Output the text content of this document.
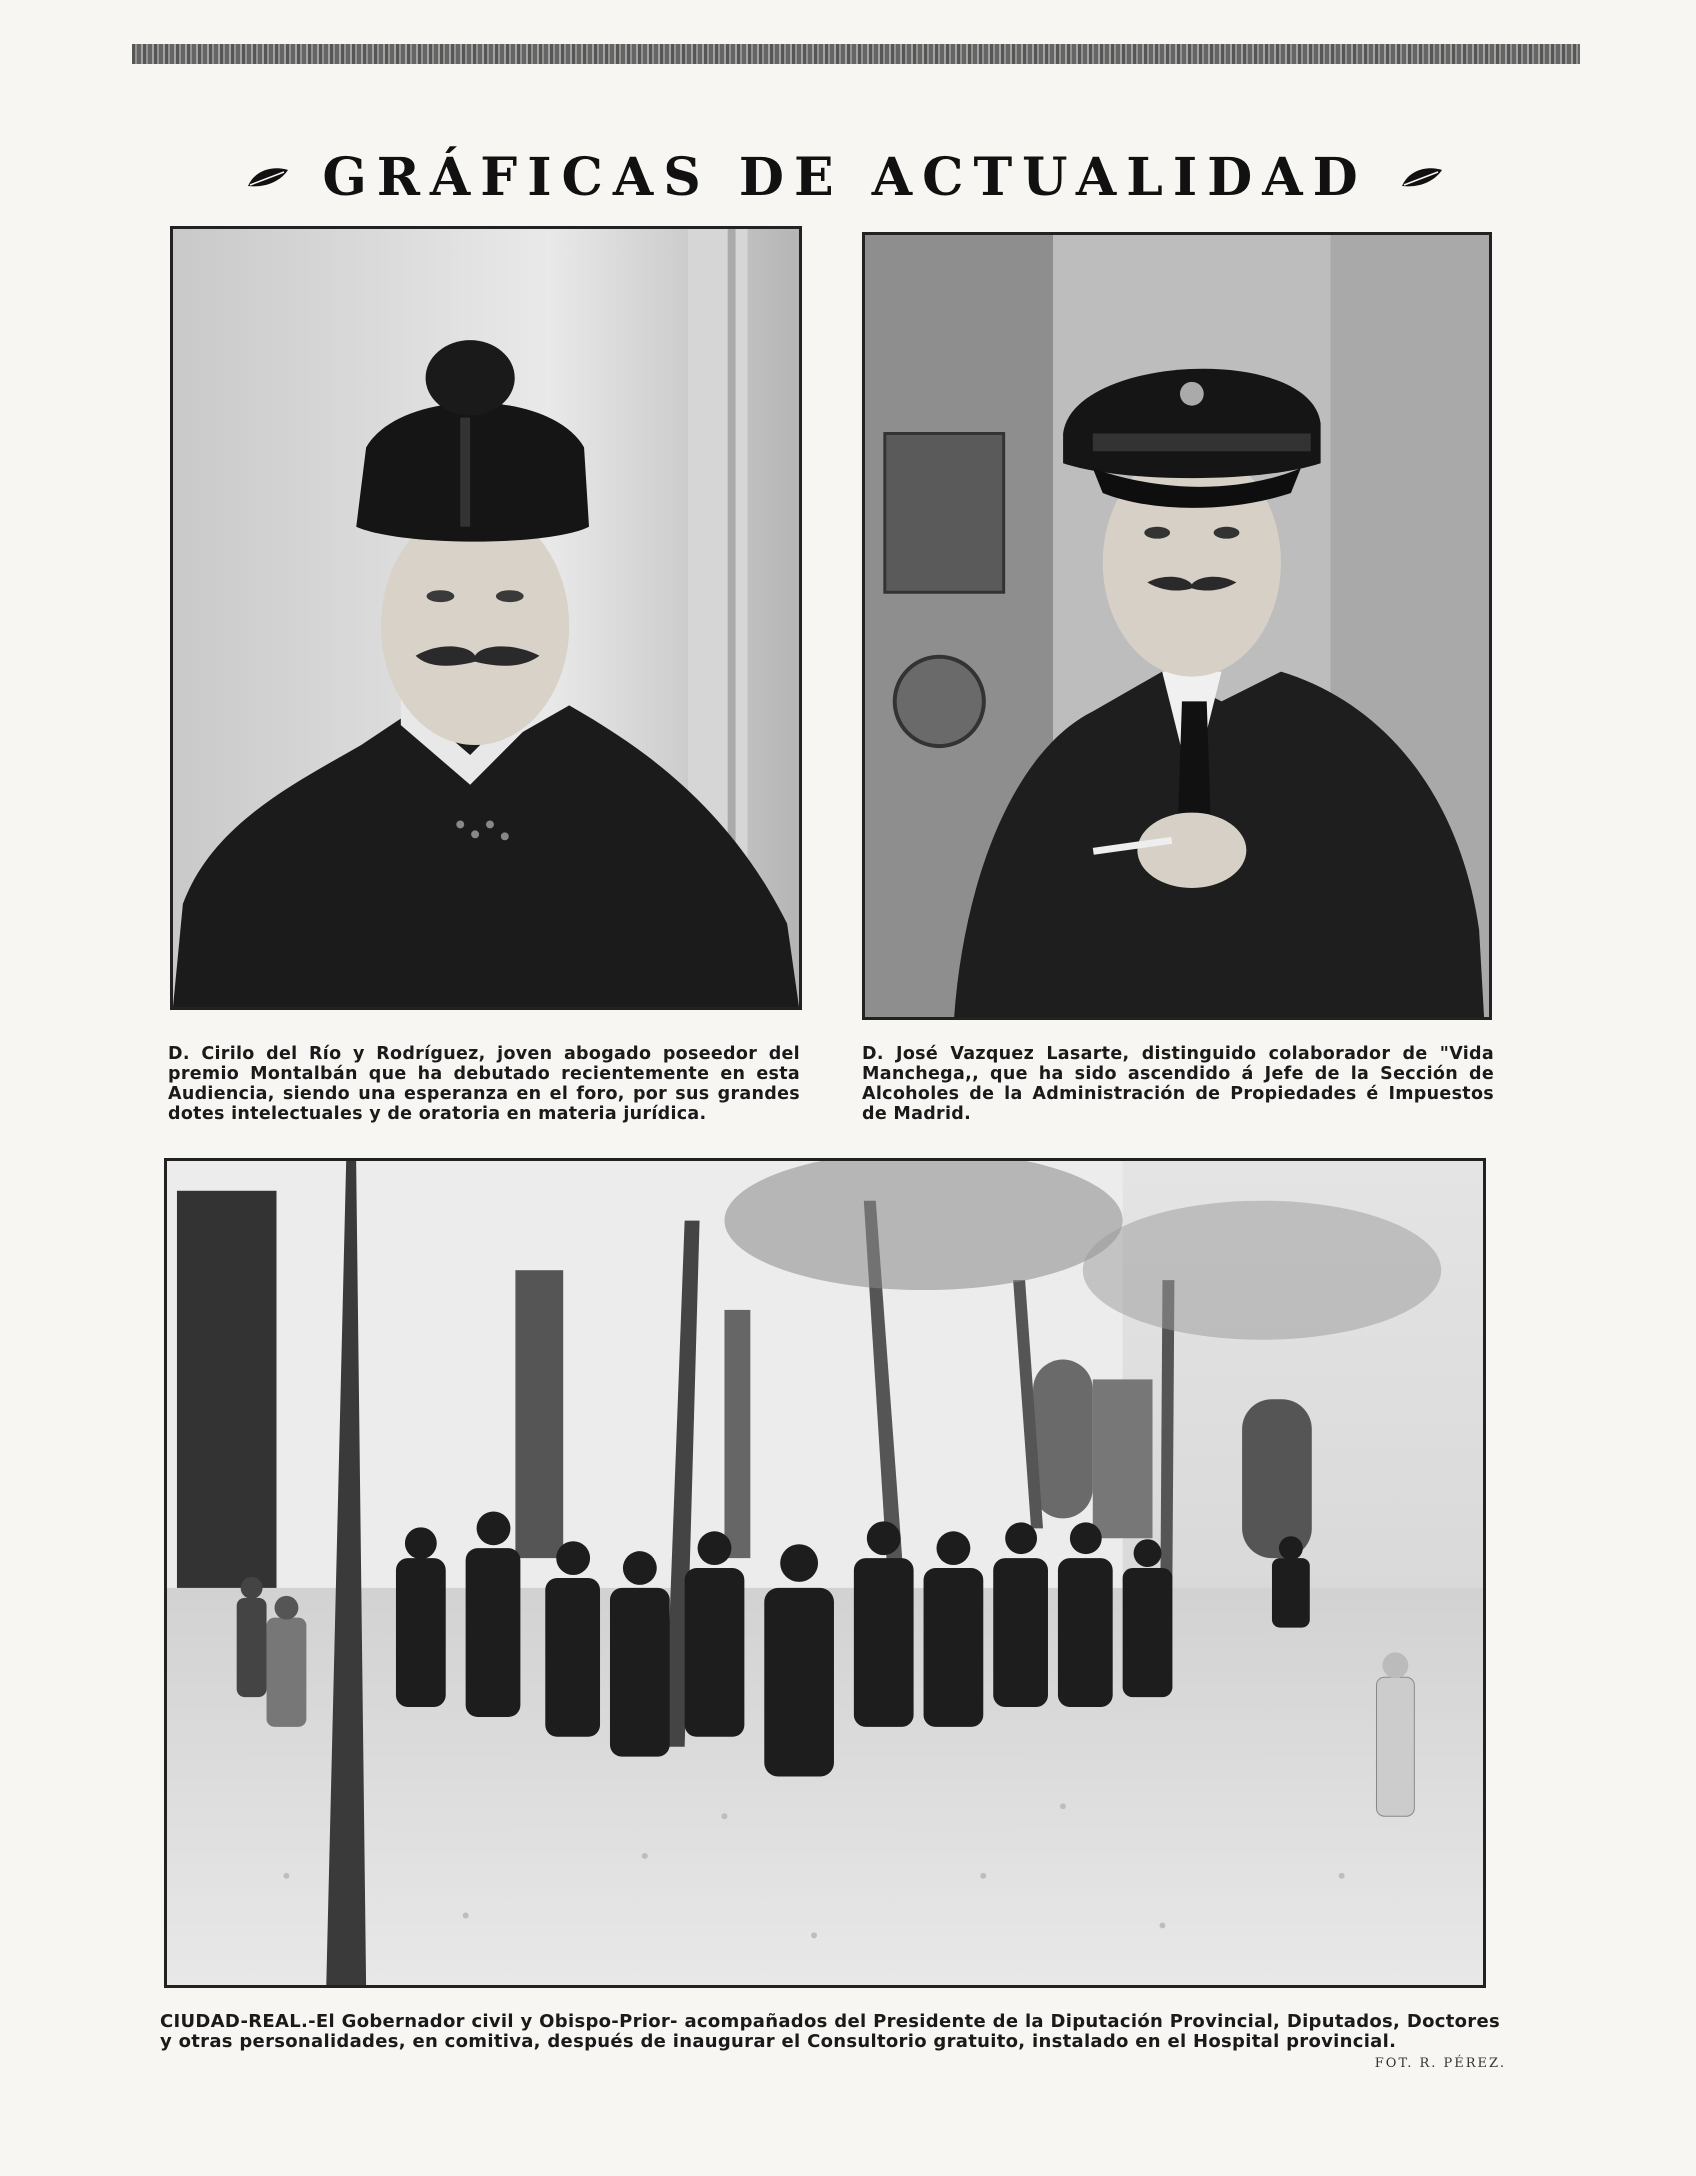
GRÁFICAS DE ACTUALIDAD
D. Cirilo del Río y Rodríguez, joven abogado poseedor del premio Montalbán que ha debutado recientemente en esta Audiencia, siendo una esperanza en el foro, por sus grandes dotes intelectuales y de oratoria en materia jurídica.
D. José Vazquez Lasarte, distinguido colaborador de "Vida Manchega,, que ha sido ascendido á Jefe de la Sección de Alcoholes de la Administración de Propiedades é Impuestos de Madrid.
CIUDAD-REAL.-El Gobernador civil y Obispo-Prior- acompañados del Presidente de la Diputación Provincial, Diputados, Doctores y otras personalidades, en comitiva, después de inaugurar el Consultorio gratuito, instalado en el Hospital provincial.
FOT. R. PÉREZ.
